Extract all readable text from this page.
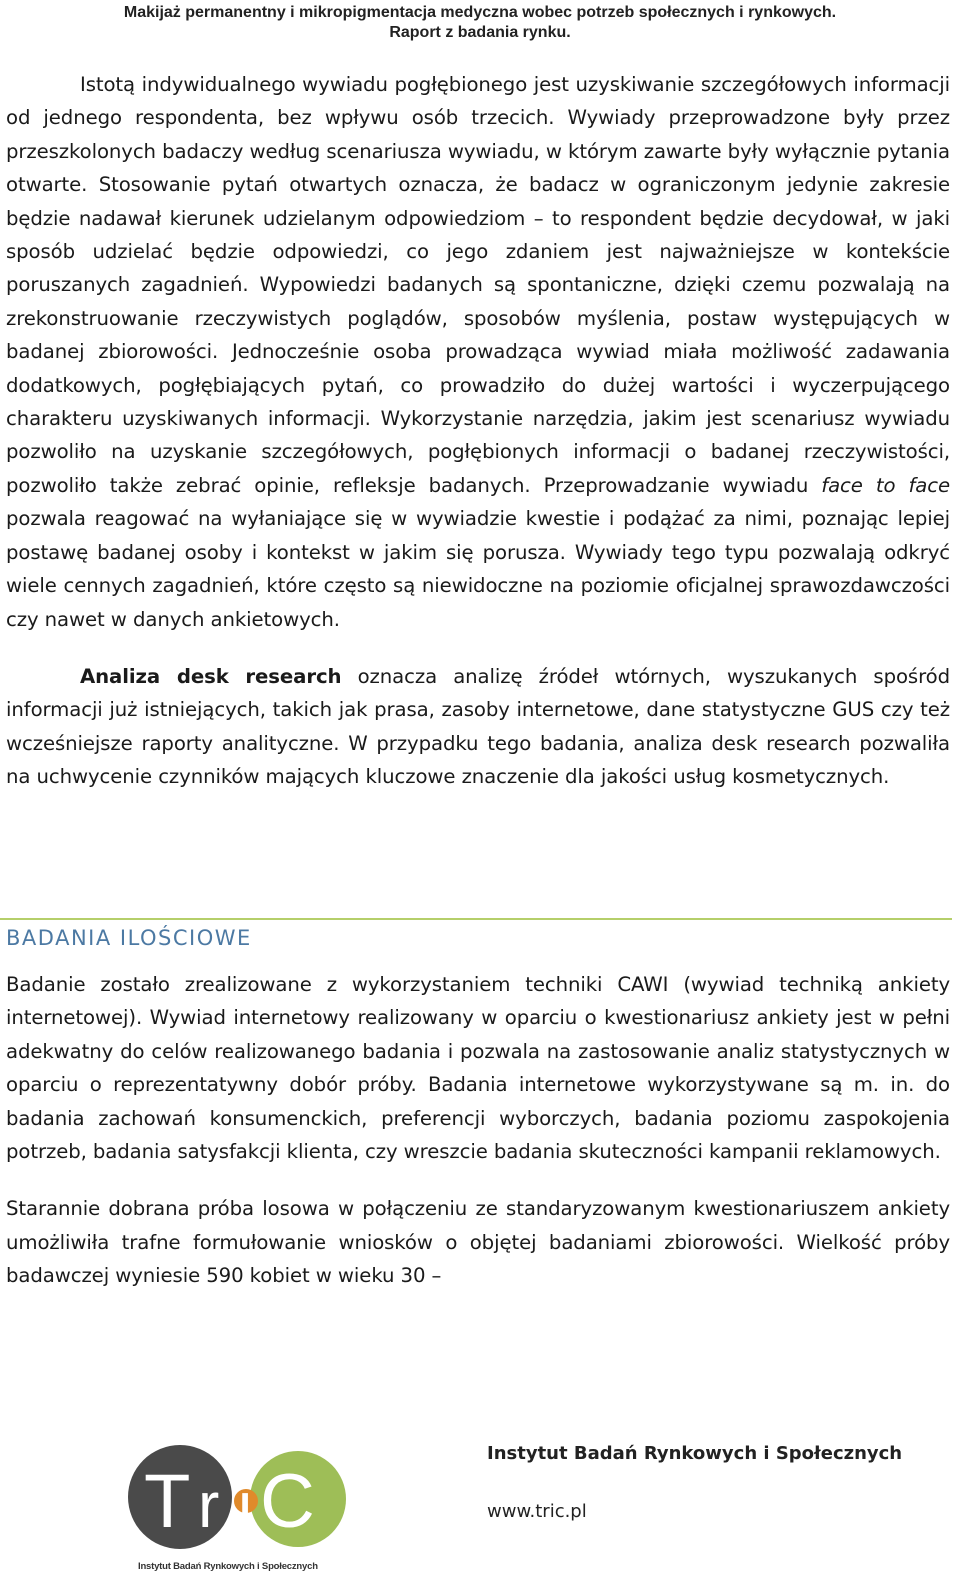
Makijaż permanentny i mikropigmentacja medyczna wobec potrzeb społecznych i rynkowych.
Raport z badania rynku.

Istotą indywidualnego wywiadu pogłębionego jest uzyskiwanie szczegółowych informacji od jednego respondenta, bez wpływu osób trzecich. Wywiady przeprowadzone były przez przeszkolonych badaczy według scenariusza wywiadu, w którym zawarte były wyłącznie pytania otwarte. Stosowanie pytań otwartych oznacza, że badacz w ograniczonym jedynie zakresie będzie nadawał kierunek udzielanym odpowiedziom – to respondent będzie decydował, w jaki sposób udzielać będzie odpowiedzi, co jego zdaniem jest najważniejsze w kontekście poruszanych zagadnień. Wypowiedzi badanych są spontaniczne, dzięki czemu pozwalają na zrekonstruowanie rzeczywistych poglądów, sposobów myślenia, postaw występujących w badanej zbiorowości. Jednocześnie osoba prowadząca wywiad miała możliwość zadawania dodatkowych, pogłębiających pytań, co prowadziło do dużej wartości i wyczerpującego charakteru uzyskiwanych informacji. Wykorzystanie narzędzia, jakim jest scenariusz wywiadu pozwoliło na uzyskanie szczegółowych, pogłębionych informacji o badanej rzeczywistości, pozwoliło także zebrać opinie, refleksje badanych. Przeprowadzanie wywiadu face to face pozwala reagować na wyłaniające się w wywiadzie kwestie i podążać za nimi, poznając lepiej postawę badanej osoby i kontekst w jakim się porusza. Wywiady tego typu pozwalają odkryć wiele cennych zagadnień, które często są niewidoczne na poziomie oficjalnej sprawozdawczości czy nawet w danych ankietowych.

Analiza desk research oznacza analizę źródeł wtórnych, wyszukanych spośród informacji już istniejących, takich jak prasa, zasoby internetowe, dane statystyczne GUS czy też wcześniejsze raporty analityczne. W przypadku tego badania, analiza desk research pozwaliła na uchwycenie czynników mających kluczowe znaczenie dla jakości usług kosmetycznych.

BADANIA ILOŚCIOWE

Badanie zostało zrealizowane z wykorzystaniem techniki CAWI (wywiad techniką ankiety internetowej). Wywiad internetowy realizowany w oparciu o kwestionariusz ankiety jest w pełni adekwatny do celów realizowanego badania i pozwala na zastosowanie analiz statystycznych w oparciu o reprezentatywny dobór próby. Badania internetowe wykorzystywane są m. in. do badania zachowań konsumenckich, preferencji wyborczych, badania poziomu zaspokojenia potrzeb, badania satysfakcji klienta, czy wreszcie badania skuteczności kampanii reklamowych.

Starannie dobrana próba losowa w połączeniu ze standaryzowanym kwestionariuszem ankiety umożliwiła trafne formułowanie wniosków o objętej badaniami zbiorowości. Wielkość próby badawczej wyniesie 590 kobiet w wieku 30 –

T r i C
Instytut Badań Rynkowych i Społecznych
Instytut Badań Rynkowych i Społecznych
www.tric.pl
